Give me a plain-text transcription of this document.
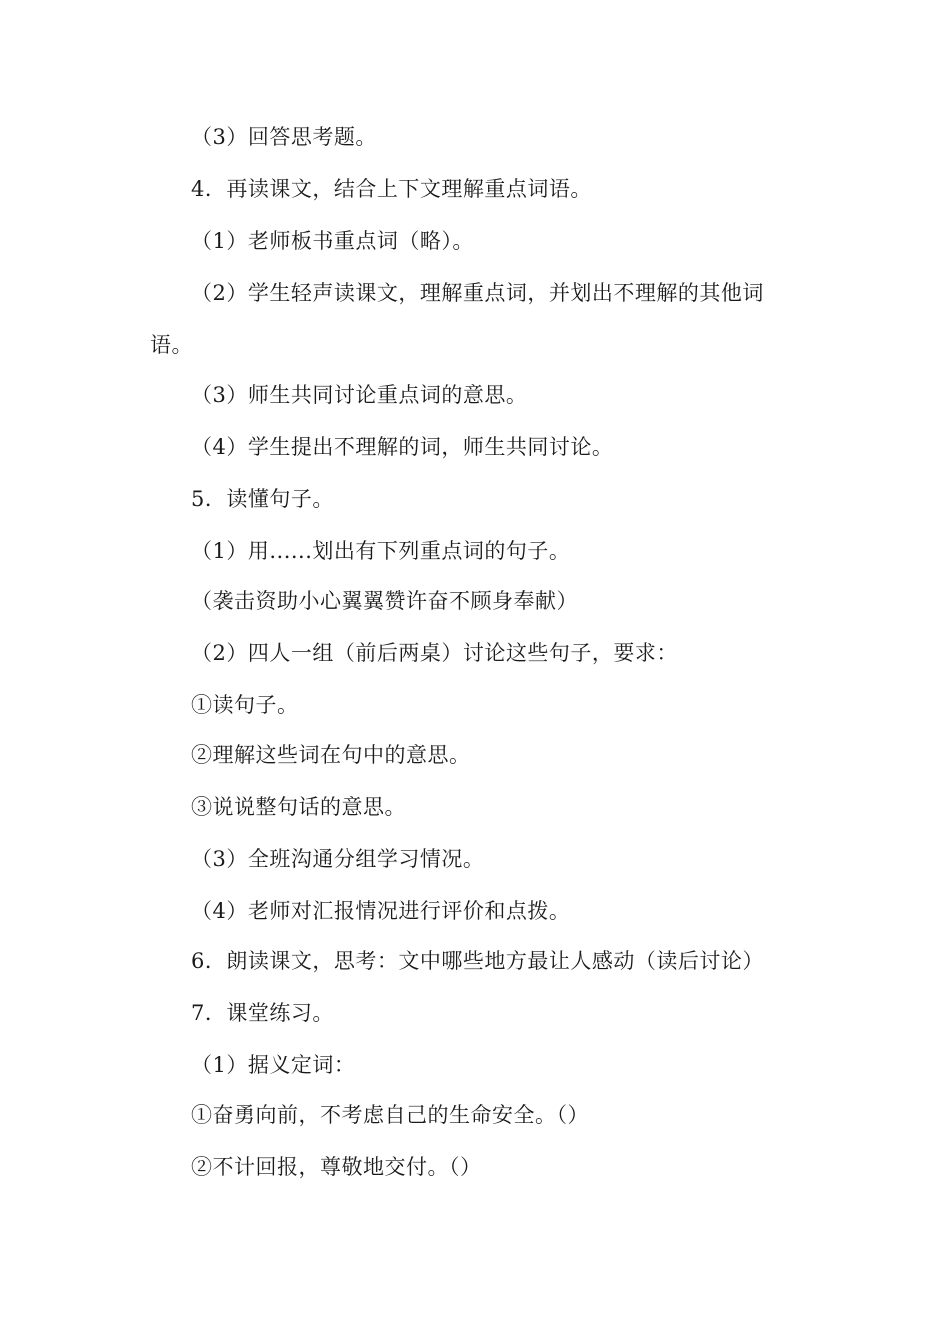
（3）回答思考题。
4．再读课文，结合上下文理解重点词语。
（1）老师板书重点词（略）。
（2）学生轻声读课文，理解重点词，并划出不理解的其他词
语。
（3）师生共同讨论重点词的意思。
（4）学生提出不理解的词，师生共同讨论。
5．读懂句子。
（1）用......划出有下列重点词的句子。
（袭击资助小心翼翼赞许奋不顾身奉献）
（2）四人一组（前后两桌）讨论这些句子，要求：
①读句子。
②理解这些词在句中的意思。
③说说整句话的意思。
（3）全班沟通分组学习情况。
（4）老师对汇报情况进行评价和点拨。
6．朗读课文，思考：文中哪些地方最让人感动（读后讨论）
7．课堂练习。
（1）据义定词：
①奋勇向前，不考虑自己的生命安全。（）
②不计回报，尊敬地交付。（）
